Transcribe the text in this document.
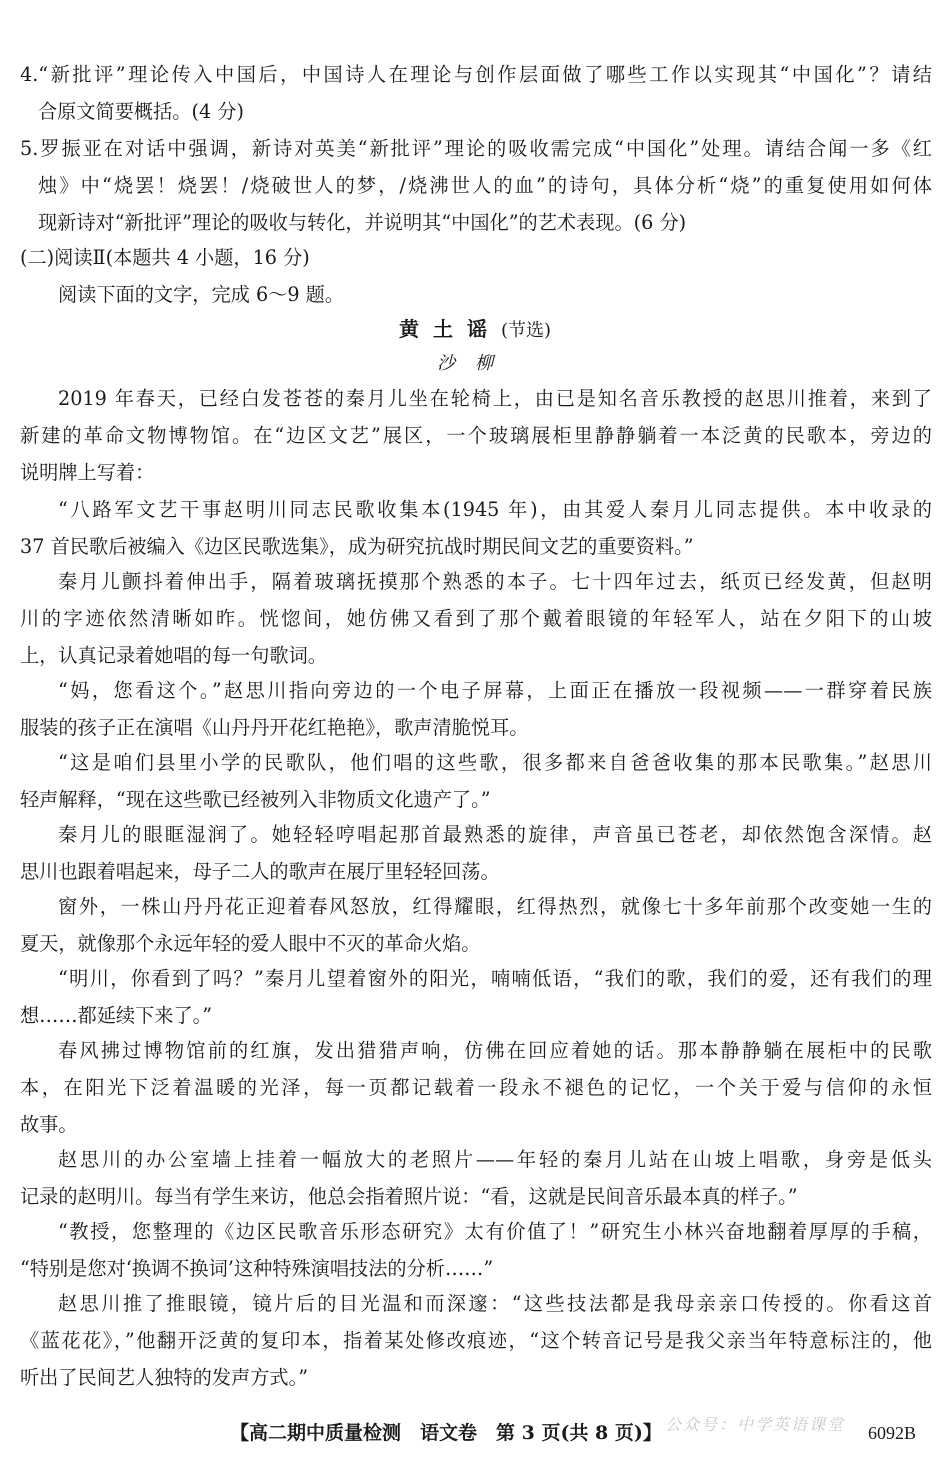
4.“新批评”理论传入中国后，中国诗人在理论与创作层面做了哪些工作以实现其“中国化”？请结
合原文简要概括。(4 分)
5.罗振亚在对话中强调，新诗对英美“新批评”理论的吸收需完成“中国化”处理。请结合闻一多《红
烛》中“烧罢！烧罢！/烧破世人的梦，/烧沸世人的血”的诗句，具体分析“烧”的重复使用如何体
现新诗对“新批评”理论的吸收与转化，并说明其“中国化”的艺术表现。(6 分)
(二)阅读Ⅱ(本题共 4 小题，16 分)
阅读下面的文字，完成 6～9 题。
黄土谣(节选)
沙柳
2019 年春天，已经白发苍苍的秦月儿坐在轮椅上，由已是知名音乐教授的赵思川推着，来到了
新建的革命文物博物馆。在“边区文艺”展区，一个玻璃展柜里静静躺着一本泛黄的民歌本，旁边的
说明牌上写着：
“八路军文艺干事赵明川同志民歌收集本(1945 年)，由其爱人秦月儿同志提供。本中收录的
37 首民歌后被编入《边区民歌选集》，成为研究抗战时期民间文艺的重要资料。”
秦月儿颤抖着伸出手，隔着玻璃抚摸那个熟悉的本子。七十四年过去，纸页已经发黄，但赵明
川的字迹依然清晰如昨。恍惚间，她仿佛又看到了那个戴着眼镜的年轻军人，站在夕阳下的山坡
上，认真记录着她唱的每一句歌词。
“妈，您看这个。”赵思川指向旁边的一个电子屏幕，上面正在播放一段视频——一群穿着民族
服装的孩子正在演唱《山丹丹开花红艳艳》，歌声清脆悦耳。
“这是咱们县里小学的民歌队，他们唱的这些歌，很多都来自爸爸收集的那本民歌集。”赵思川
轻声解释，“现在这些歌已经被列入非物质文化遗产了。”
秦月儿的眼眶湿润了。她轻轻哼唱起那首最熟悉的旋律，声音虽已苍老，却依然饱含深情。赵
思川也跟着唱起来，母子二人的歌声在展厅里轻轻回荡。
窗外，一株山丹丹花正迎着春风怒放，红得耀眼，红得热烈，就像七十多年前那个改变她一生的
夏天，就像那个永远年轻的爱人眼中不灭的革命火焰。
“明川，你看到了吗？”秦月儿望着窗外的阳光，喃喃低语，“我们的歌，我们的爱，还有我们的理
想……都延续下来了。”
春风拂过博物馆前的红旗，发出猎猎声响，仿佛在回应着她的话。那本静静躺在展柜中的民歌
本，在阳光下泛着温暖的光泽，每一页都记载着一段永不褪色的记忆，一个关于爱与信仰的永恒
故事。
赵思川的办公室墙上挂着一幅放大的老照片——年轻的秦月儿站在山坡上唱歌，身旁是低头
记录的赵明川。每当有学生来访，他总会指着照片说：“看，这就是民间音乐最本真的样子。”
“教授，您整理的《边区民歌音乐形态研究》太有价值了！”研究生小林兴奋地翻着厚厚的手稿，
“特别是您对‘换调不换词’这种特殊演唱技法的分析……”
赵思川推了推眼镜，镜片后的目光温和而深邃：“这些技法都是我母亲亲口传授的。你看这首
《蓝花花》，”他翻开泛黄的复印本，指着某处修改痕迹，“这个转音记号是我父亲当年特意标注的，他
听出了民间艺人独特的发声方式。”
公众号：中学英语课堂
【高二期中质量检测　语文卷　第 3 页(共 8 页)】	6092B
